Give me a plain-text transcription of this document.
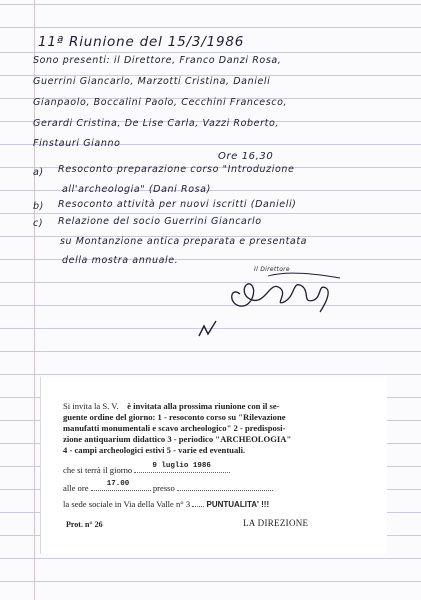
11ª Riunione del 15/3/1986
Sono presenti: il Direttore, Franco Danzi Rosa,
Guerrini Giancarlo, Marzotti Cristina, Danieli
Gianpaolo, Boccalini Paolo, Cecchini Francesco,
Gerardi Cristina, De Lise Carla, Vazzi Roberto,
Finstauri Gianno
Ore 16,30
a) Resoconto preparazione corso "Introduzione
all'archeologia" (Dani Rosa)
b) Resoconto attività per nuovi iscritti (Danieli)
c) Relazione del socio Guerrini Giancarlo
su Montanzione antica preparata e presentata
della mostra annuale.
Il Direttore
Si invita la S. V. è invitata alla prossima riunione con il se-
guente ordine del giorno: 1 - resoconto corso su "Rilevazione
manufatti monumentali e scavo archeologico" 2 - predisposi-
zione antiquarium didattico 3 - periodico "ARCHEOLOGIA"
4 - campi archeologici estivi 5 - varie ed eventuali.
che si terrà il giorno	9 luglio 1986
alle ore 17.00	presso
la sede sociale in Via della Valle n° 3 PUNTUALITA' !!!
Prot. n° 26	LA DIREZIONE
